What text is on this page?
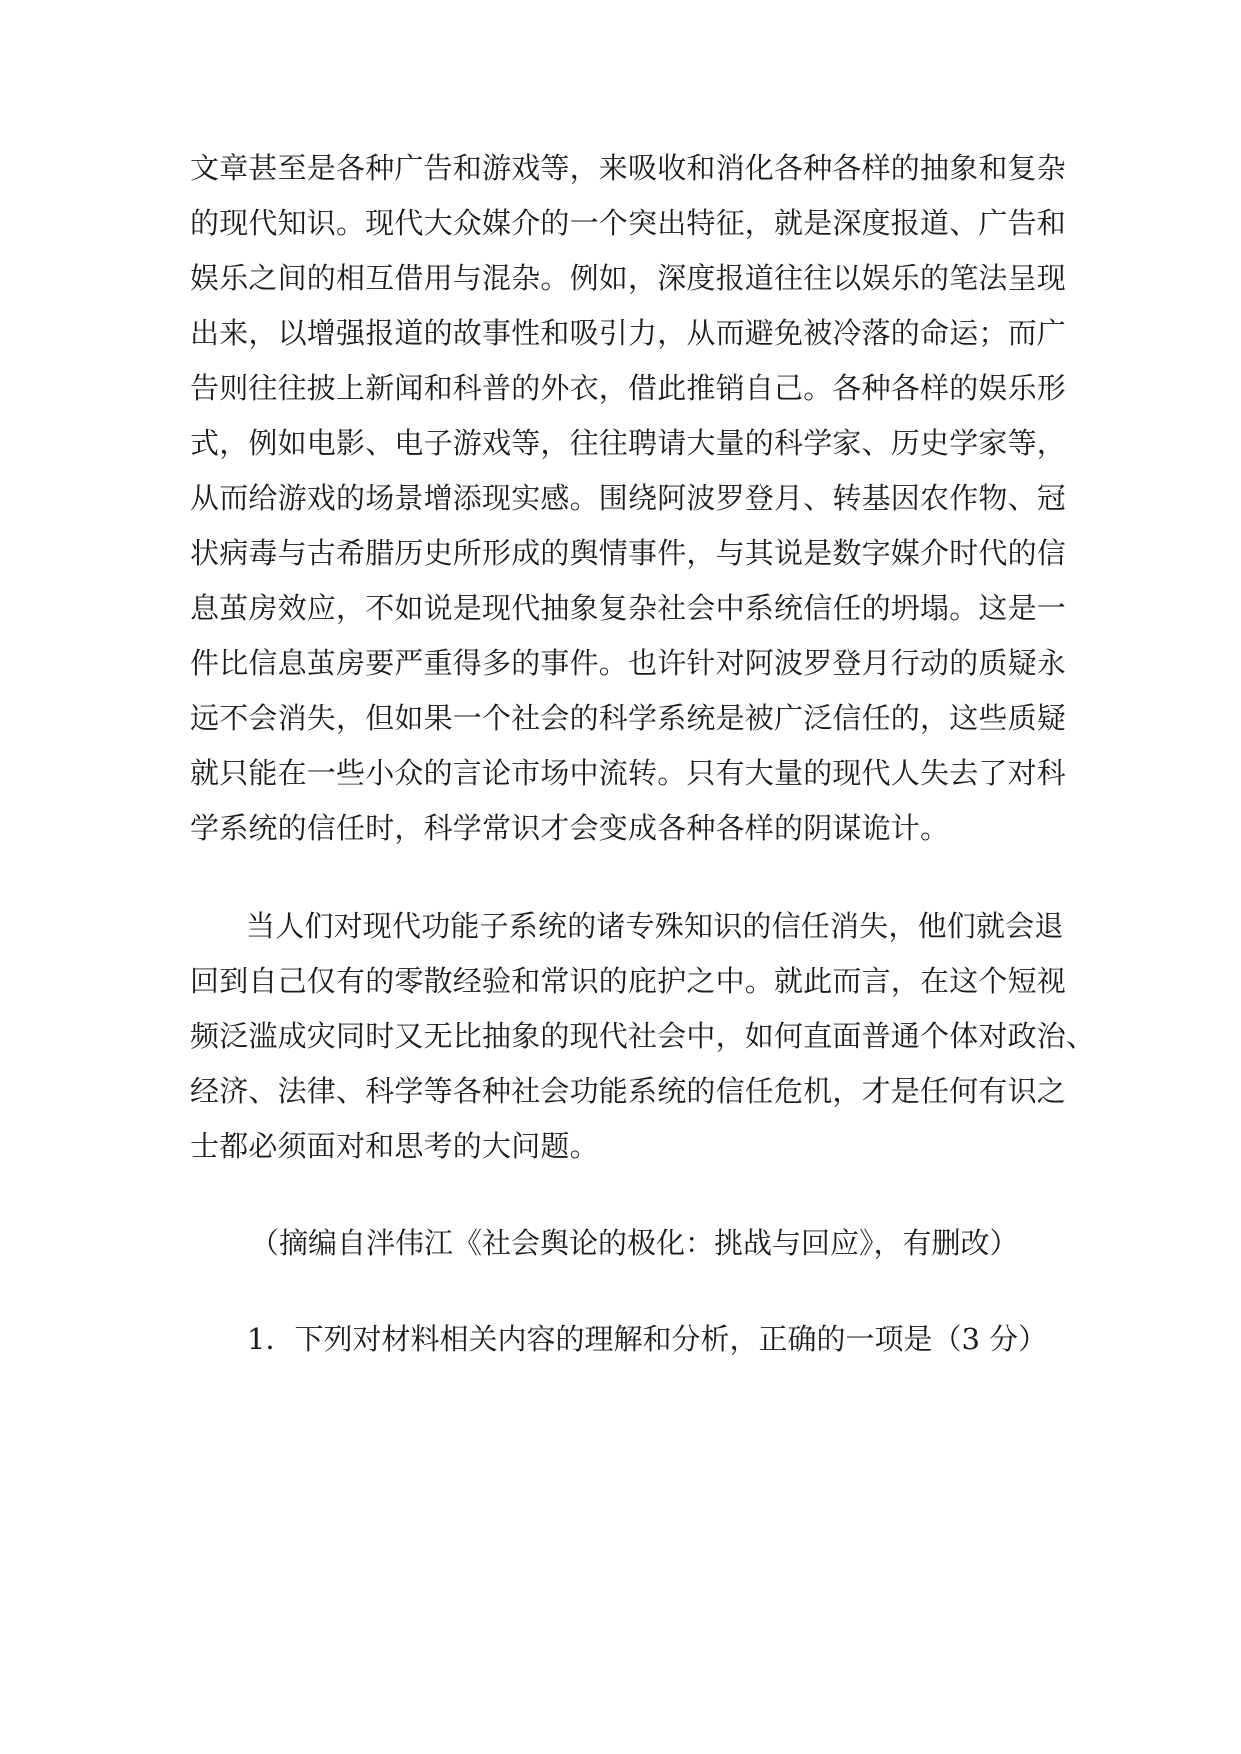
文章甚至是各种广告和游戏等，来吸收和消化各种各样的抽象和复杂
的现代知识。现代大众媒介的一个突出特征，就是深度报道、广告和
娱乐之间的相互借用与混杂。例如，深度报道往往以娱乐的笔法呈现
出来，以增强报道的故事性和吸引力，从而避免被冷落的命运；而广
告则往往披上新闻和科普的外衣，借此推销自己。各种各样的娱乐形
式，例如电影、电子游戏等，往往聘请大量的科学家、历史学家等，
从而给游戏的场景增添现实感。围绕阿波罗登月、转基因农作物、冠
状病毒与古希腊历史所形成的舆情事件，与其说是数字媒介时代的信
息茧房效应，不如说是现代抽象复杂社会中系统信任的坍塌。这是一
件比信息茧房要严重得多的事件。也许针对阿波罗登月行动的质疑永
远不会消失，但如果一个社会的科学系统是被广泛信任的，这些质疑
就只能在一些小众的言论市场中流转。只有大量的现代人失去了对科
学系统的信任时，科学常识才会变成各种各样的阴谋诡计。
当人们对现代功能子系统的诸专殊知识的信任消失，他们就会退
回到自己仅有的零散经验和常识的庇护之中。就此而言，在这个短视
频泛滥成灾同时又无比抽象的现代社会中，如何直面普通个体对政治、
经济、法律、科学等各种社会功能系统的信任危机，才是任何有识之
士都必须面对和思考的大问题。
（摘编自泮伟江《社会舆论的极化：挑战与回应》，有删改）
1．下列对材料相关内容的理解和分析，正确的一项是（3 分）
